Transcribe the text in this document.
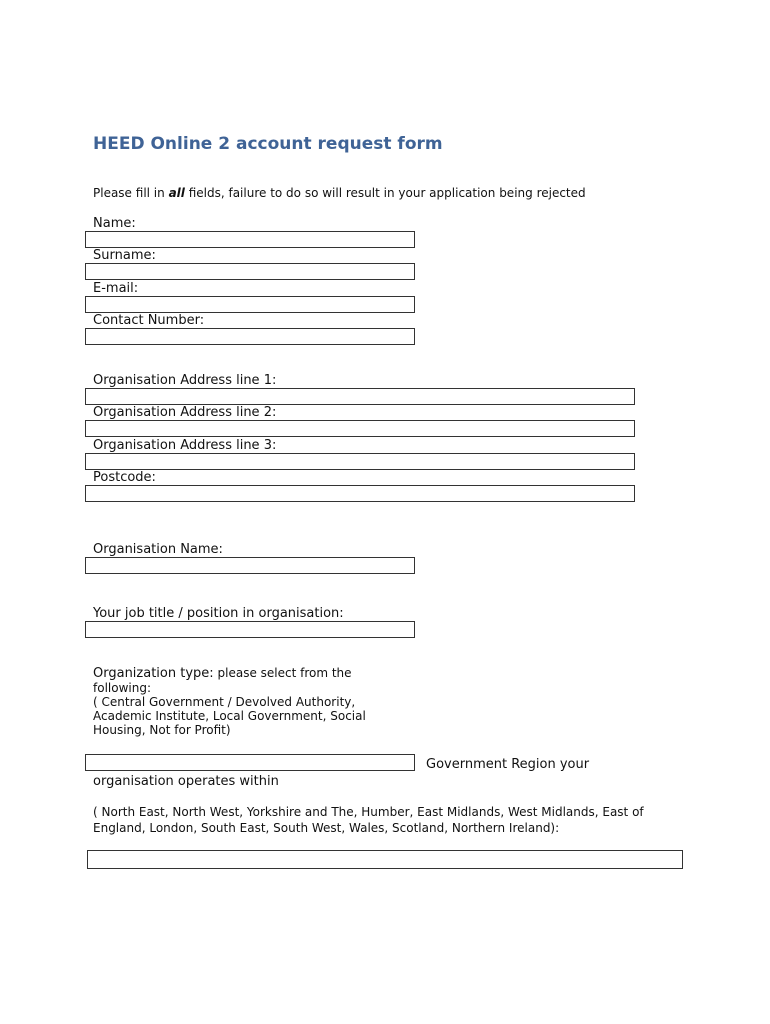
HEED Online 2 account request form
Please fill in all fields, failure to do so will result in your application being rejected
Name:
Surname:
E-mail:
Contact Number:
Organisation Address line 1:
Organisation Address line 2:
Organisation Address line 3:
Postcode:
Organisation Name:
Your job title / position in organisation:
Organization type: please select from the following:
( Central Government / Devolved Authority, Academic Institute, Local Government, Social Housing, Not for Profit)
Government Region your
organisation operates within
( North East, North West, Yorkshire and The, Humber, East Midlands, West Midlands, East of England, London, South East, South West, Wales, Scotland, Northern Ireland):
